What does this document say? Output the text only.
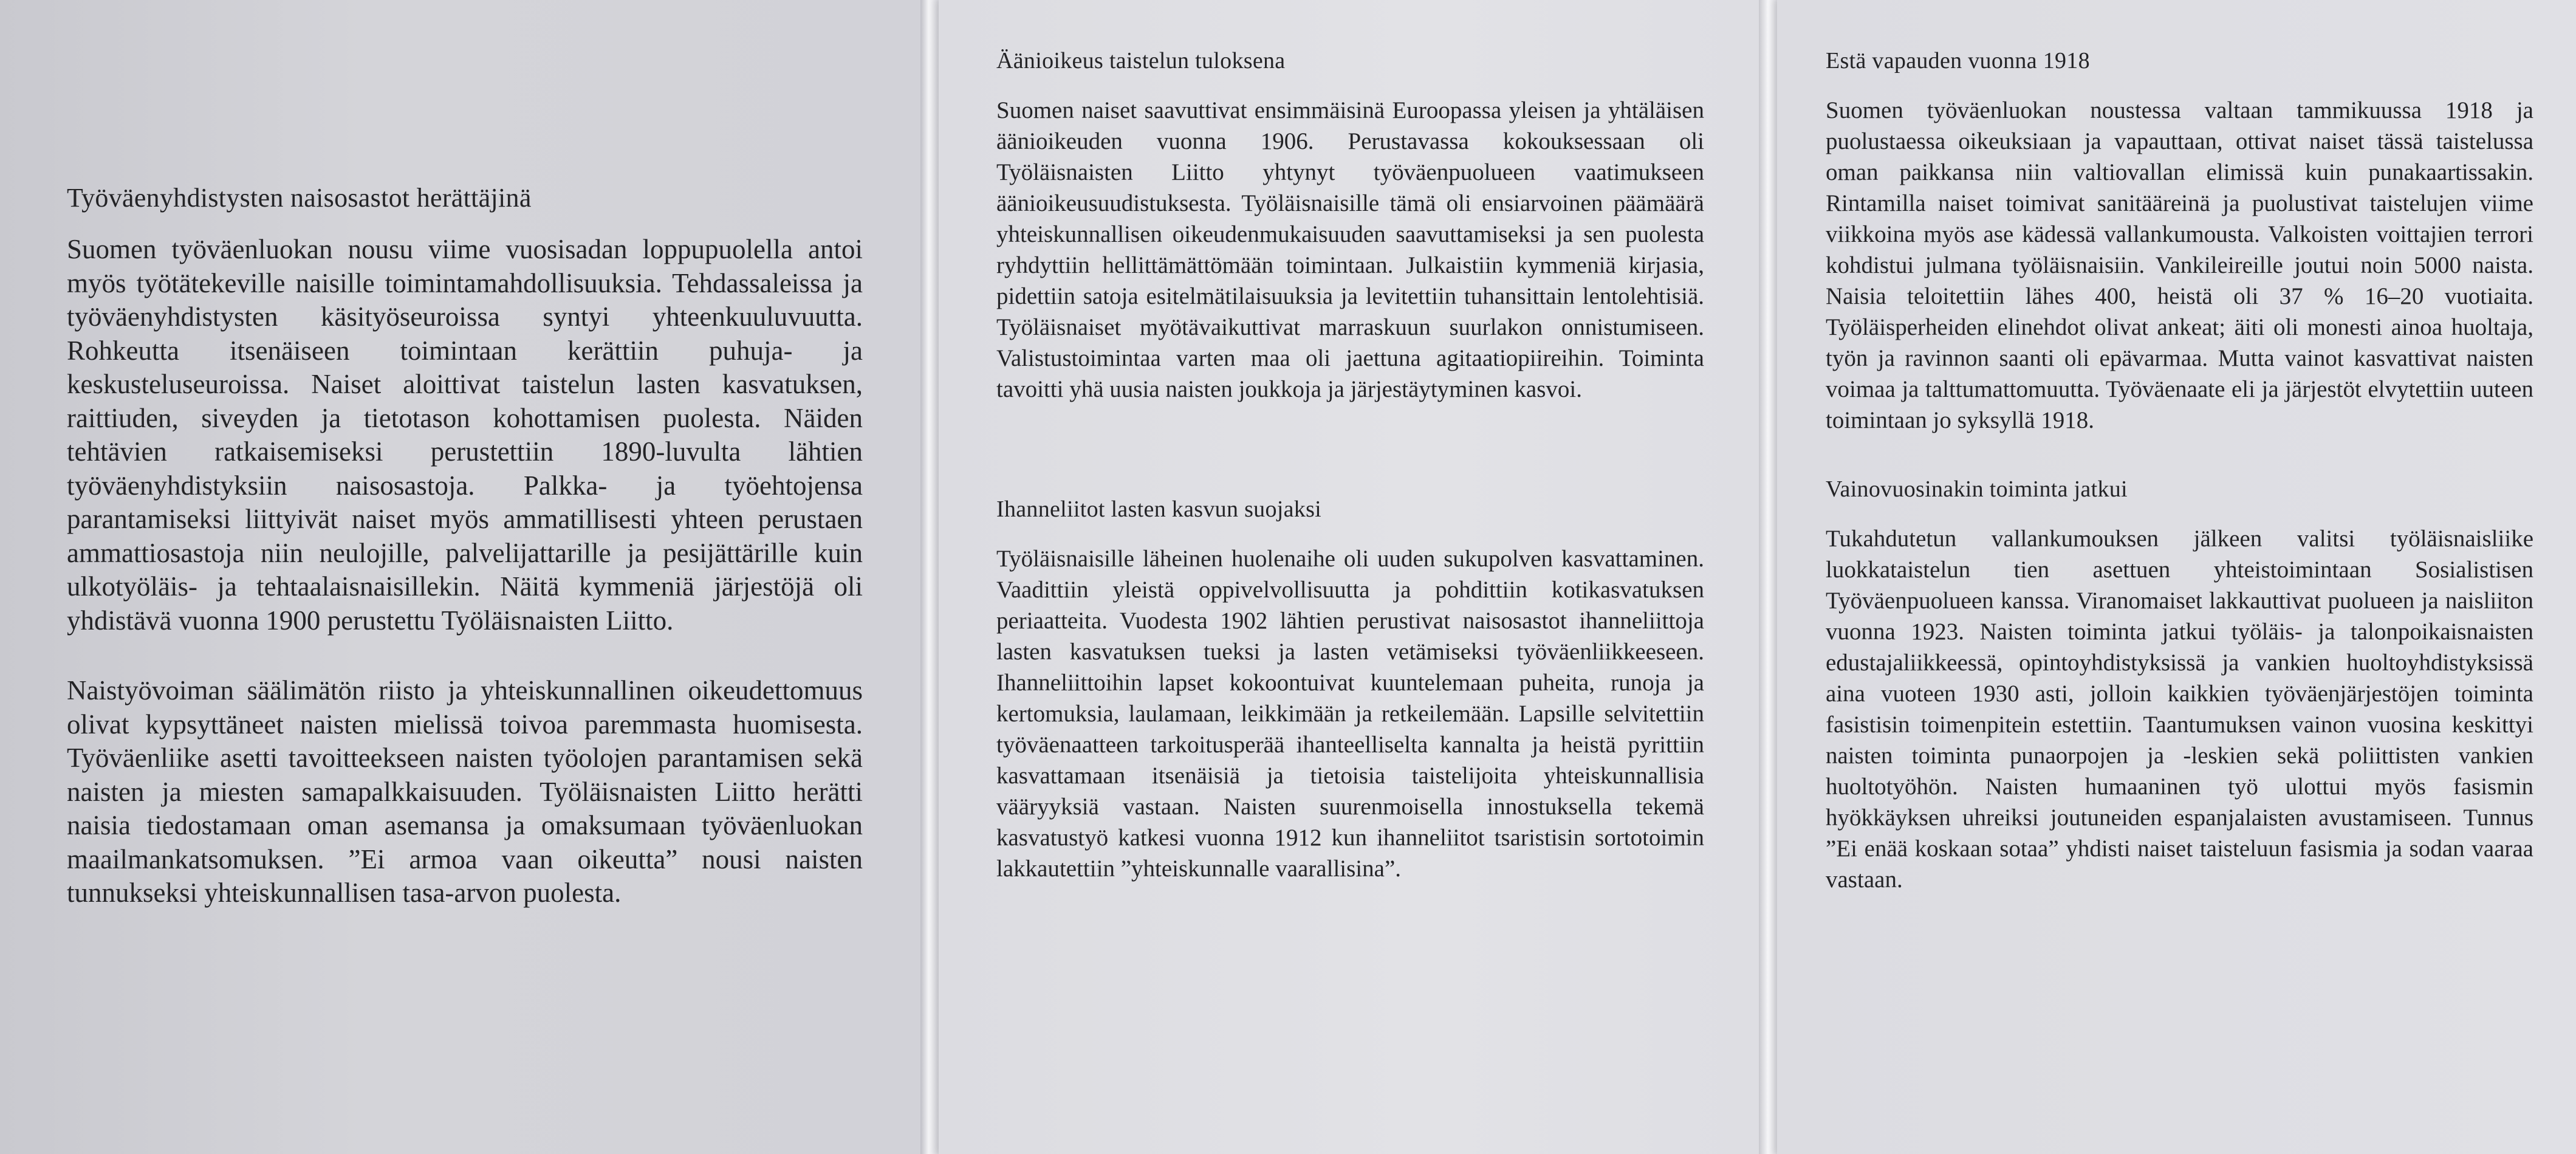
Työväenyhdistysten naisosastot herättäjinä

Suomen työväenluokan nousu viime vuosisadan loppupuolella antoi myös työtätekeville naisille toimintamahdollisuuksia. Tehdassaleissa ja työväenyhdistysten käsityöseuroissa syntyi yhteenkuuluvuutta. Rohkeutta itsenäiseen toimintaan kerättiin puhuja- ja keskusteluseuroissa. Naiset aloittivat taistelun lasten kasvatuksen, raittiuden, siveyden ja tietotason kohottamisen puolesta. Näiden tehtävien ratkaisemiseksi perustettiin 1890-luvulta lähtien työväenyhdistyksiin naisosastoja. Palkka- ja työehtojensa parantamiseksi liittyivät naiset myös ammatillisesti yhteen perustaen ammattiosastoja niin neulojille, palvelijattarille ja pesijättärille kuin ulkotyöläis- ja tehtaalaisnaisillekin. Näitä kymmeniä järjestöjä oli yhdistävä vuonna 1900 perustettu Työläisnaisten Liitto.

Naistyövoiman säälimätön riisto ja yhteiskunnallinen oikeudettomuus olivat kypsyttäneet naisten mielissä toivoa paremmasta huomisesta. Työväenliike asetti tavoitteekseen naisten työolojen parantamisen sekä naisten ja miesten samapalkkaisuuden. Työläisnaisten Liitto herätti naisia tiedostamaan oman asemansa ja omaksumaan työväenluokan maailmankatsomuksen. ”Ei armoa vaan oikeutta” nousi naisten tunnukseksi yhteiskunnallisen tasa-arvon puolesta.

Äänioikeus taistelun tuloksena

Suomen naiset saavuttivat ensimmäisinä Euroopassa yleisen ja yhtäläisen äänioikeuden vuonna 1906. Perustavassa kokouksessaan oli Työläisnaisten Liitto yhtynyt työväenpuolueen vaatimukseen äänioikeusuudistuksesta. Työläisnaisille tämä oli ensiarvoinen päämäärä yhteiskunnallisen oikeudenmukaisuuden saavuttamiseksi ja sen puolesta ryhdyttiin hellittämättömään toimintaan. Julkaistiin kymmeniä kirjasia, pidettiin satoja esitelmätilaisuuksia ja levitettiin tuhansittain lentolehtisiä. Työläisnaiset myötävaikuttivat marraskuun suurlakon onnistumiseen. Valistustoimintaa varten maa oli jaettuna agitaatiopiireihin. Toiminta tavoitti yhä uusia naisten joukkoja ja järjestäytyminen kasvoi.

Ihanneliitot lasten kasvun suojaksi

Työläisnaisille läheinen huolenaihe oli uuden sukupolven kasvattaminen. Vaadittiin yleistä oppivelvollisuutta ja pohdittiin kotikasvatuksen periaatteita. Vuodesta 1902 lähtien perustivat naisosastot ihanneliittoja lasten kasvatuksen tueksi ja lasten vetämiseksi työväenliikkeeseen. Ihanneliittoihin lapset kokoontuivat kuuntelemaan puheita, runoja ja kertomuksia, laulamaan, leikkimään ja retkeilemään. Lapsille selvitettiin työväenaatteen tarkoitusperää ihanteelliselta kannalta ja heistä pyrittiin kasvattamaan itsenäisiä ja tietoisia taistelijoita yhteiskunnallisia vääryyksiä vastaan. Naisten suurenmoisella innostuksella tekemä kasvatustyö katkesi vuonna 1912 kun ihanneliitot tsaristisin sortotoimin lakkautettiin ”yhteiskunnalle vaarallisina”.

Estä vapauden vuonna 1918

Suomen työväenluokan noustessa valtaan tammikuussa 1918 ja puolustaessa oikeuksiaan ja vapauttaan, ottivat naiset tässä taistelussa oman paikkansa niin valtiovallan elimissä kuin punakaartissakin. Rintamilla naiset toimivat sanitääreinä ja puolustivat taistelujen viime viikkoina myös ase kädessä vallankumousta. Valkoisten voittajien terrori kohdistui julmana työläisnaisiin. Vankileireille joutui noin 5000 naista. Naisia teloitettiin lähes 400, heistä oli 37 % 16–20 vuotiaita. Työläisperheiden elinehdot olivat ankeat; äiti oli monesti ainoa huoltaja, työn ja ravinnon saanti oli epävarmaa. Mutta vainot kasvattivat naisten voimaa ja talttumattomuutta. Työväenaate eli ja järjestöt elvytettiin uuteen toimintaan jo syksyllä 1918.

Vainovuosinakin toiminta jatkui

Tukahdutetun vallankumouksen jälkeen valitsi työläisnaisliike luokkataistelun tien asettuen yhteistoimintaan Sosialistisen Työväenpuolueen kanssa. Viranomaiset lakkauttivat puolueen ja naisliiton vuonna 1923. Naisten toiminta jatkui työläis- ja talonpoikaisnaisten edustajaliikkeessä, opintoyhdistyksissä ja vankien huoltoyhdistyksissä aina vuoteen 1930 asti, jolloin kaikkien työväenjärjestöjen toiminta fasistisin toimenpitein estettiin. Taantumuksen vainon vuosina keskittyi naisten toiminta punaorpojen ja -leskien sekä poliittisten vankien huoltotyöhön. Naisten humaaninen työ ulottui myös fasismin hyökkäyksen uhreiksi joutuneiden espanjalaisten avustamiseen. Tunnus ”Ei enää koskaan sotaa” yhdisti naiset taisteluun fasismia ja sodan vaaraa vastaan.
